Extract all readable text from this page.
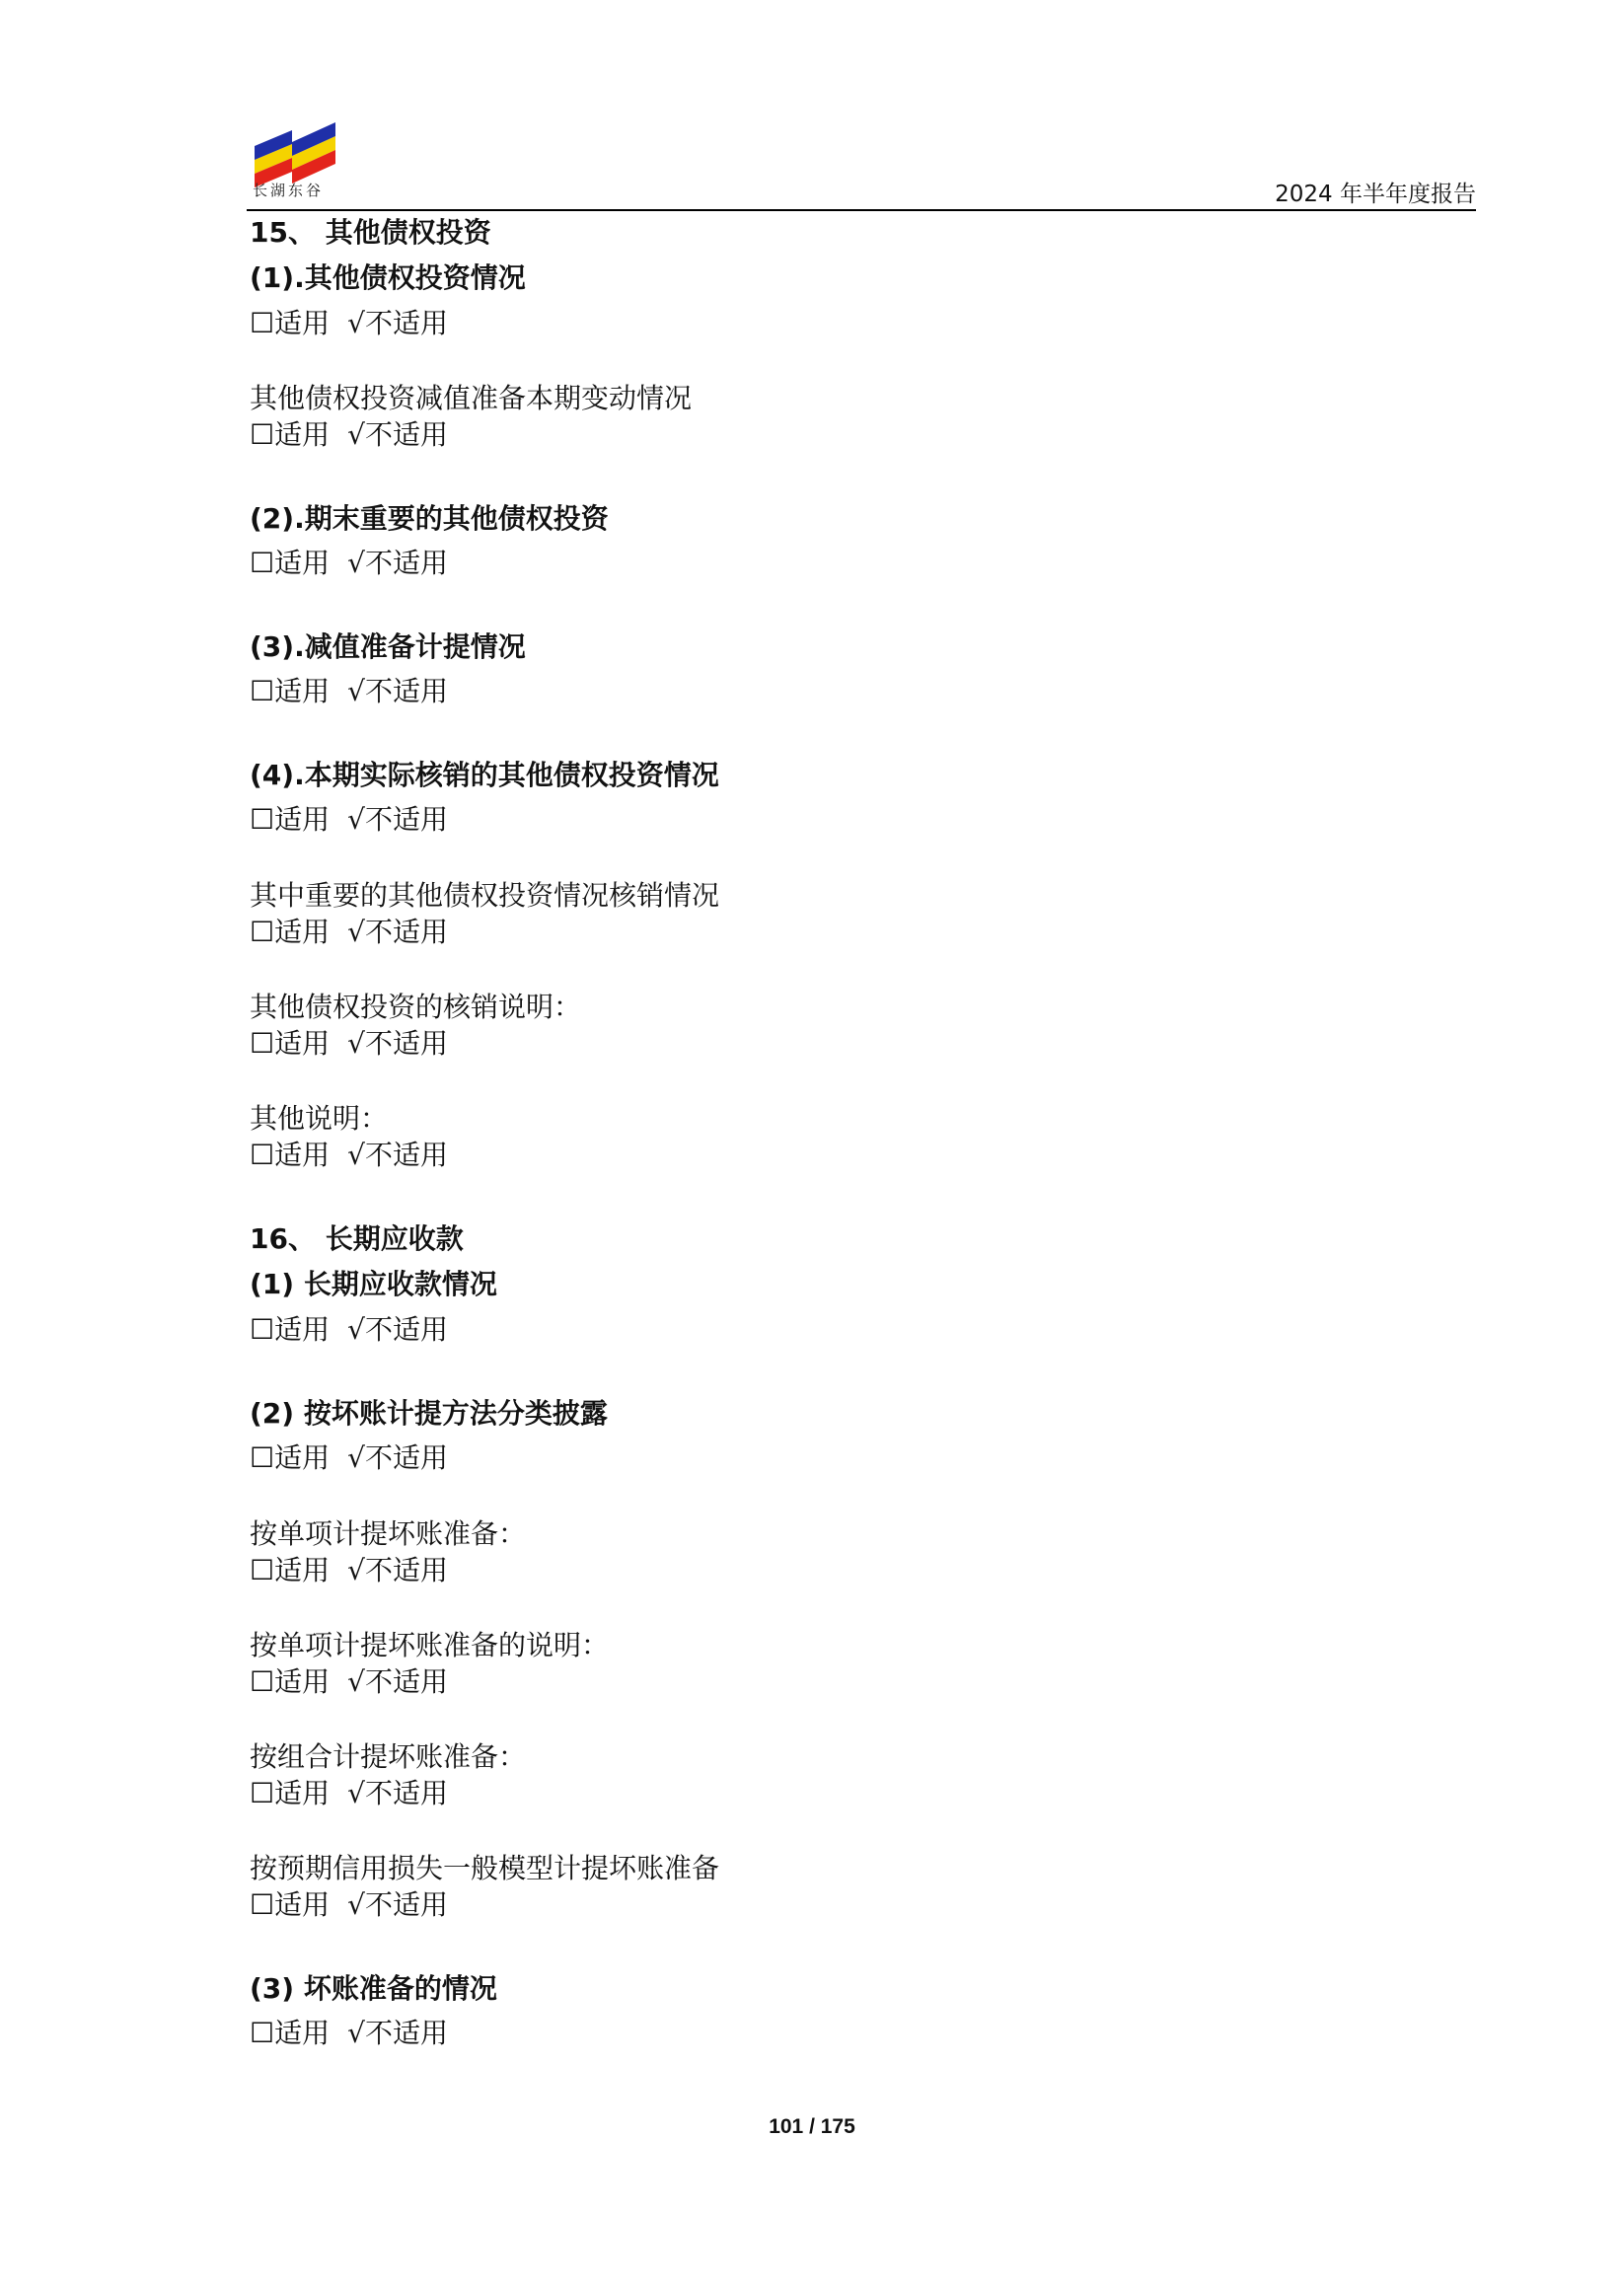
长湖东谷	2024 年半年度报告
15、 其他债权投资
(1).其他债权投资情况
☐适用 √不适用
其他债权投资减值准备本期变动情况
☐适用 √不适用
(2).期末重要的其他债权投资
☐适用 √不适用
(3).减值准备计提情况
☐适用 √不适用
(4).本期实际核销的其他债权投资情况
☐适用 √不适用
其中重要的其他债权投资情况核销情况
☐适用 √不适用
其他债权投资的核销说明：
☐适用 √不适用
其他说明：
☐适用 √不适用
16、 长期应收款
(1) 长期应收款情况
☐适用 √不适用
(2) 按坏账计提方法分类披露
☐适用 √不适用
按单项计提坏账准备：
☐适用 √不适用
按单项计提坏账准备的说明：
☐适用 √不适用
按组合计提坏账准备：
☐适用 √不适用
按预期信用损失一般模型计提坏账准备
☐适用 √不适用
(3) 坏账准备的情况
☐适用 √不适用
101 / 175
